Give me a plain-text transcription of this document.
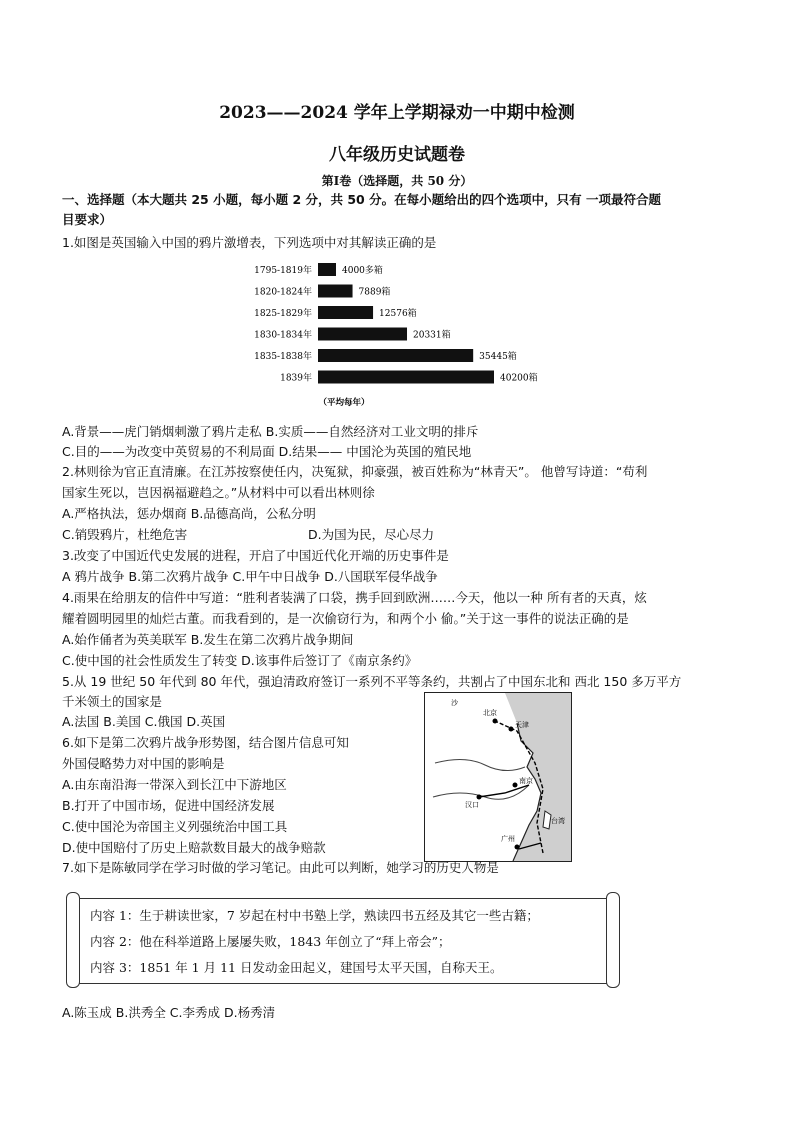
2023——2024 学年上学期禄劝一中期中检测
八年级历史试题卷
第Ⅰ卷（选择题，共 50 分）
一、选择题（本大题共 25 小题，每小题 2 分，共 50 分。在每小题给出的四个选项中，只有 一项最符合题
目要求）
1.如图是英国输入中国的鸦片激增表，下列选项中对其解读正确的是
1795-1819年	4000多箱
1820-1824年	7889箱
1825-1829年	12576箱
1830-1834年	20331箱
1835-1838年	35445箱
1839年	40200箱
（平均每年）
A.背景——虎门销烟刺激了鸦片走私 B.实质——自然经济对工业文明的排斥
C.目的——为改变中英贸易的不利局面 D.结果—— 中国沦为英国的殖民地
2.林则徐为官正直清廉。在江苏按察使任内，决冤狱，抑豪强，被百姓称为“林青天”。 他曾写诗道：“苟利
国家生死以，岂因祸福避趋之。”从材料中可以看出林则徐
A.严格执法，惩办烟商 B.品德高尚，公私分明
C.销毁鸦片，杜绝危害	D.为国为民，尽心尽力
3.改变了中国近代史发展的进程，开启了中国近代化开端的历史事件是
A 鸦片战争 B.第二次鸦片战争 C.甲午中日战争 D.八国联军侵华战争
4.雨果在给朋友的信件中写道：“胜利者装满了口袋，携手回到欧洲……今天，他以一种 所有者的天真，炫
耀着圆明园里的灿烂古董。而我看到的，是一次偷窃行为，和两个小 偷。”关于这一事件的说法正确的是
A.始作俑者为英美联军 B.发生在第二次鸦片战争期间
C.使中国的社会性质发生了转变 D.该事件后签订了《南京条约》
5.从 19 世纪 50 年代到 80 年代，强迫清政府签订一系列不平等条约，共割占了中国东北和 西北 150 多万平方
千米领土的国家是
A.法国 B.美国 C.俄国 D.英国
6.如下是第二次鸦片战争形势图，结合图片信息可知
外国侵略势力对中国的影响是
A.由东南沿海一带深入到长江中下游地区
B.打开了中国市场，促进中国经济发展
C.使中国沦为帝国主义列强统治中国工具
D.使中国赔付了历史上赔款数目最大的战争赔款
沙
北京
天津
汉口
南京
广州
台湾
7.如下是陈敏同学在学习时做的学习笔记。由此可以判断，她学习的历史人物是
内容 1：生于耕读世家，7 岁起在村中书塾上学，熟读四书五经及其它一些古籍；
内容 2：他在科举道路上屡屡失败，1843 年创立了“拜上帝会”；
内容 3：1851 年 1 月 11 日发动金田起义，建国号太平天国，自称天王。
A.陈玉成 B.洪秀全 C.李秀成 D.杨秀清
